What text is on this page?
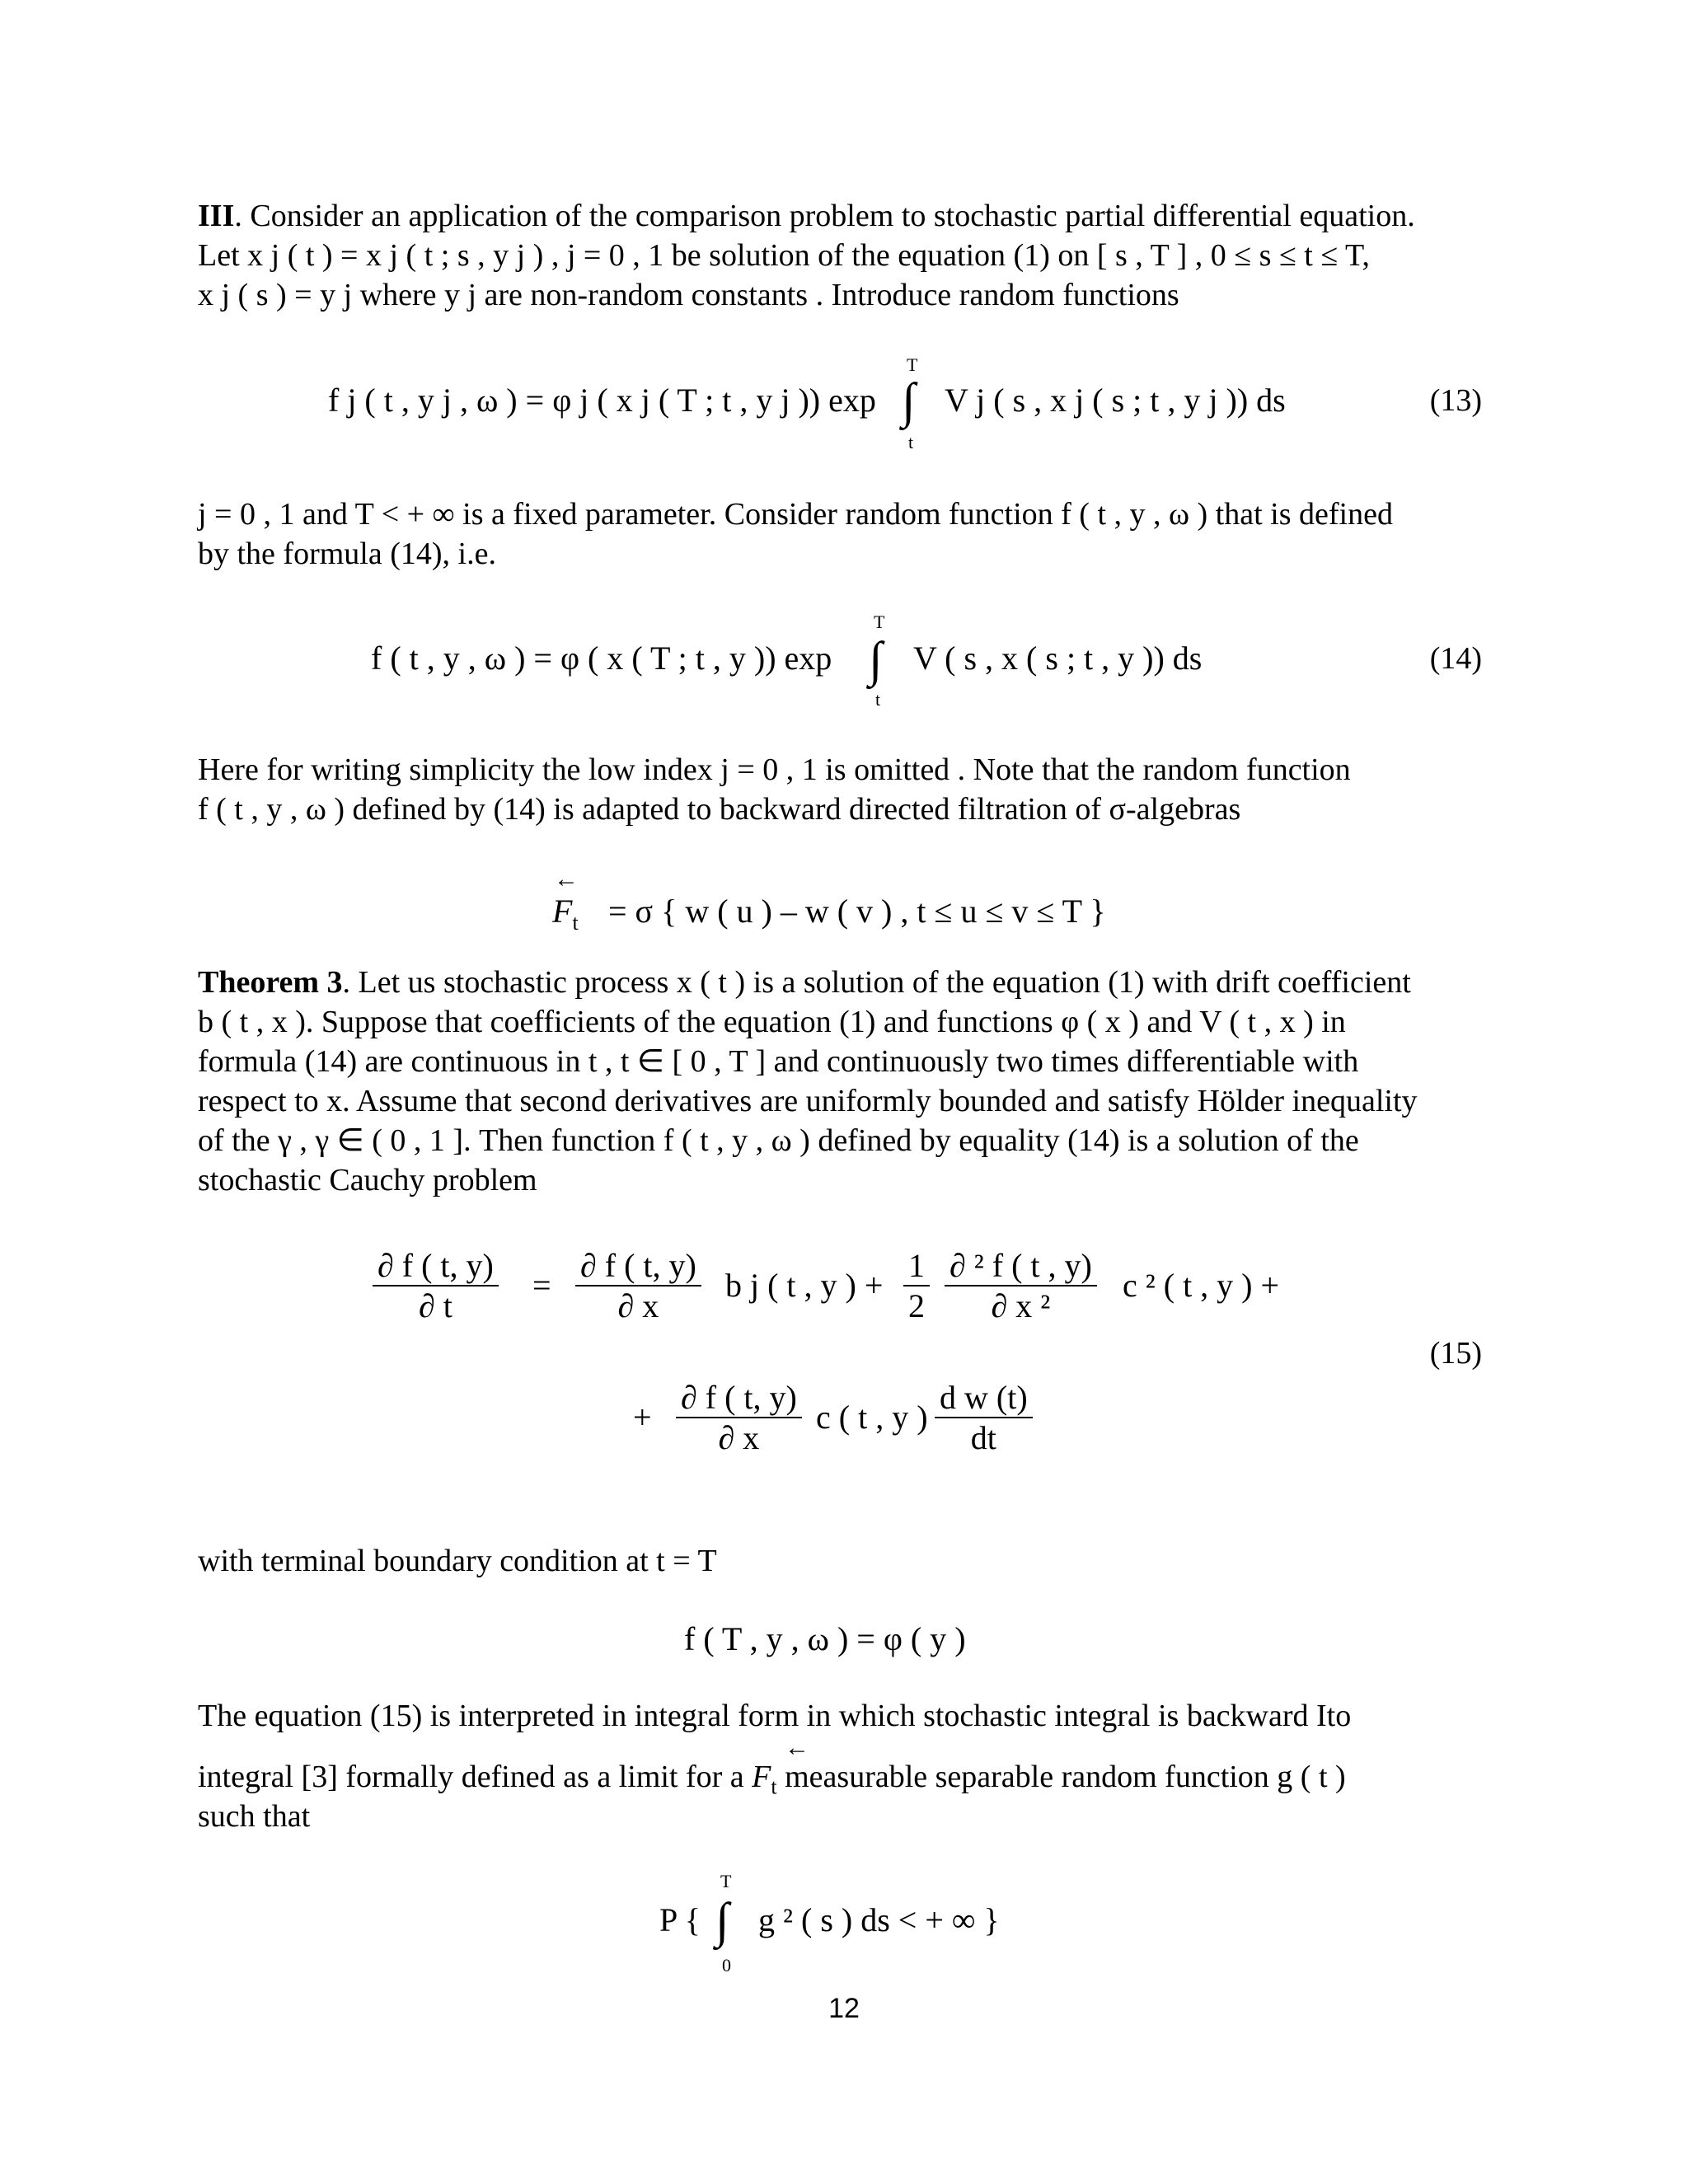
III. Consider an application of the comparison problem to stochastic partial differential equation.
Let x j ( t ) = x j ( t ; s , y j ) , j = 0 , 1 be solution of the equation (1) on [ s , T ] , 0 ≤ s ≤ t ≤ T,
x j ( s ) = y j where y j are non-random constants . Introduce random functions
f j ( t , y j , ω ) = φ j ( x j ( T ; t , y j )) exp
T
∫
t
V j ( s , x j ( s ; t , y j )) ds	(13)
j = 0 , 1 and T < + ∞ is a fixed parameter. Consider random function f ( t , y , ω ) that is defined
by the formula (14), i.e.
f ( t , y , ω ) = φ ( x ( T ; t , y )) exp
T
∫
t
V ( s , x ( s ; t , y )) ds	(14)
Here for writing simplicity the low index j = 0 , 1 is omitted . Note that the random function
f ( t , y , ω ) defined by (14) is adapted to backward directed filtration of σ-algebras
←
$F_t = \sigma$ { w ( u ) – w ( v ) , t ≤ u ≤ v ≤ T }
Theorem 3. Let us stochastic process x ( t ) is a solution of the equation (1) with drift coefficient
b ( t , x ). Suppose that coefficients of the equation (1) and functions φ ( x ) and V ( t , x ) in
formula (14) are continuous in t , t ∈ [ 0 , T ] and continuously two times differentiable with
respect to x. Assume that second derivatives are uniformly bounded and satisfy Hölder inequality
of the γ , γ ∈ ( 0 , 1 ]. Then function f ( t , y , ω ) defined by equality (14) is a solution of the
stochastic Cauchy problem
$\frac{\partial f ( t, y)}{\partial t} = \frac{\partial f ( t, y)}{\partial x}$ b j ( t , y ) + $\frac{1}{2} \frac{\text{∂ ² f ( t , y)}}{\text{∂ x ²}}$ c ² ( t , y ) +
+ $\frac{\partial f ( t, y)}{\partial x}$ c ( t , y ) $\frac{\text{d w (t)}}{dt}$
(15)
with terminal boundary condition at t = T
f ( T , y , ω ) = φ ( y )
The equation (15) is interpreted in integral form in which stochastic integral is backward Ito
←
integral [3] formally defined as a limit for a $F_t$ measurable separable random function g ( t )
such that
P {
T
∫
0
g ² ( s ) ds < + ∞ }
12
